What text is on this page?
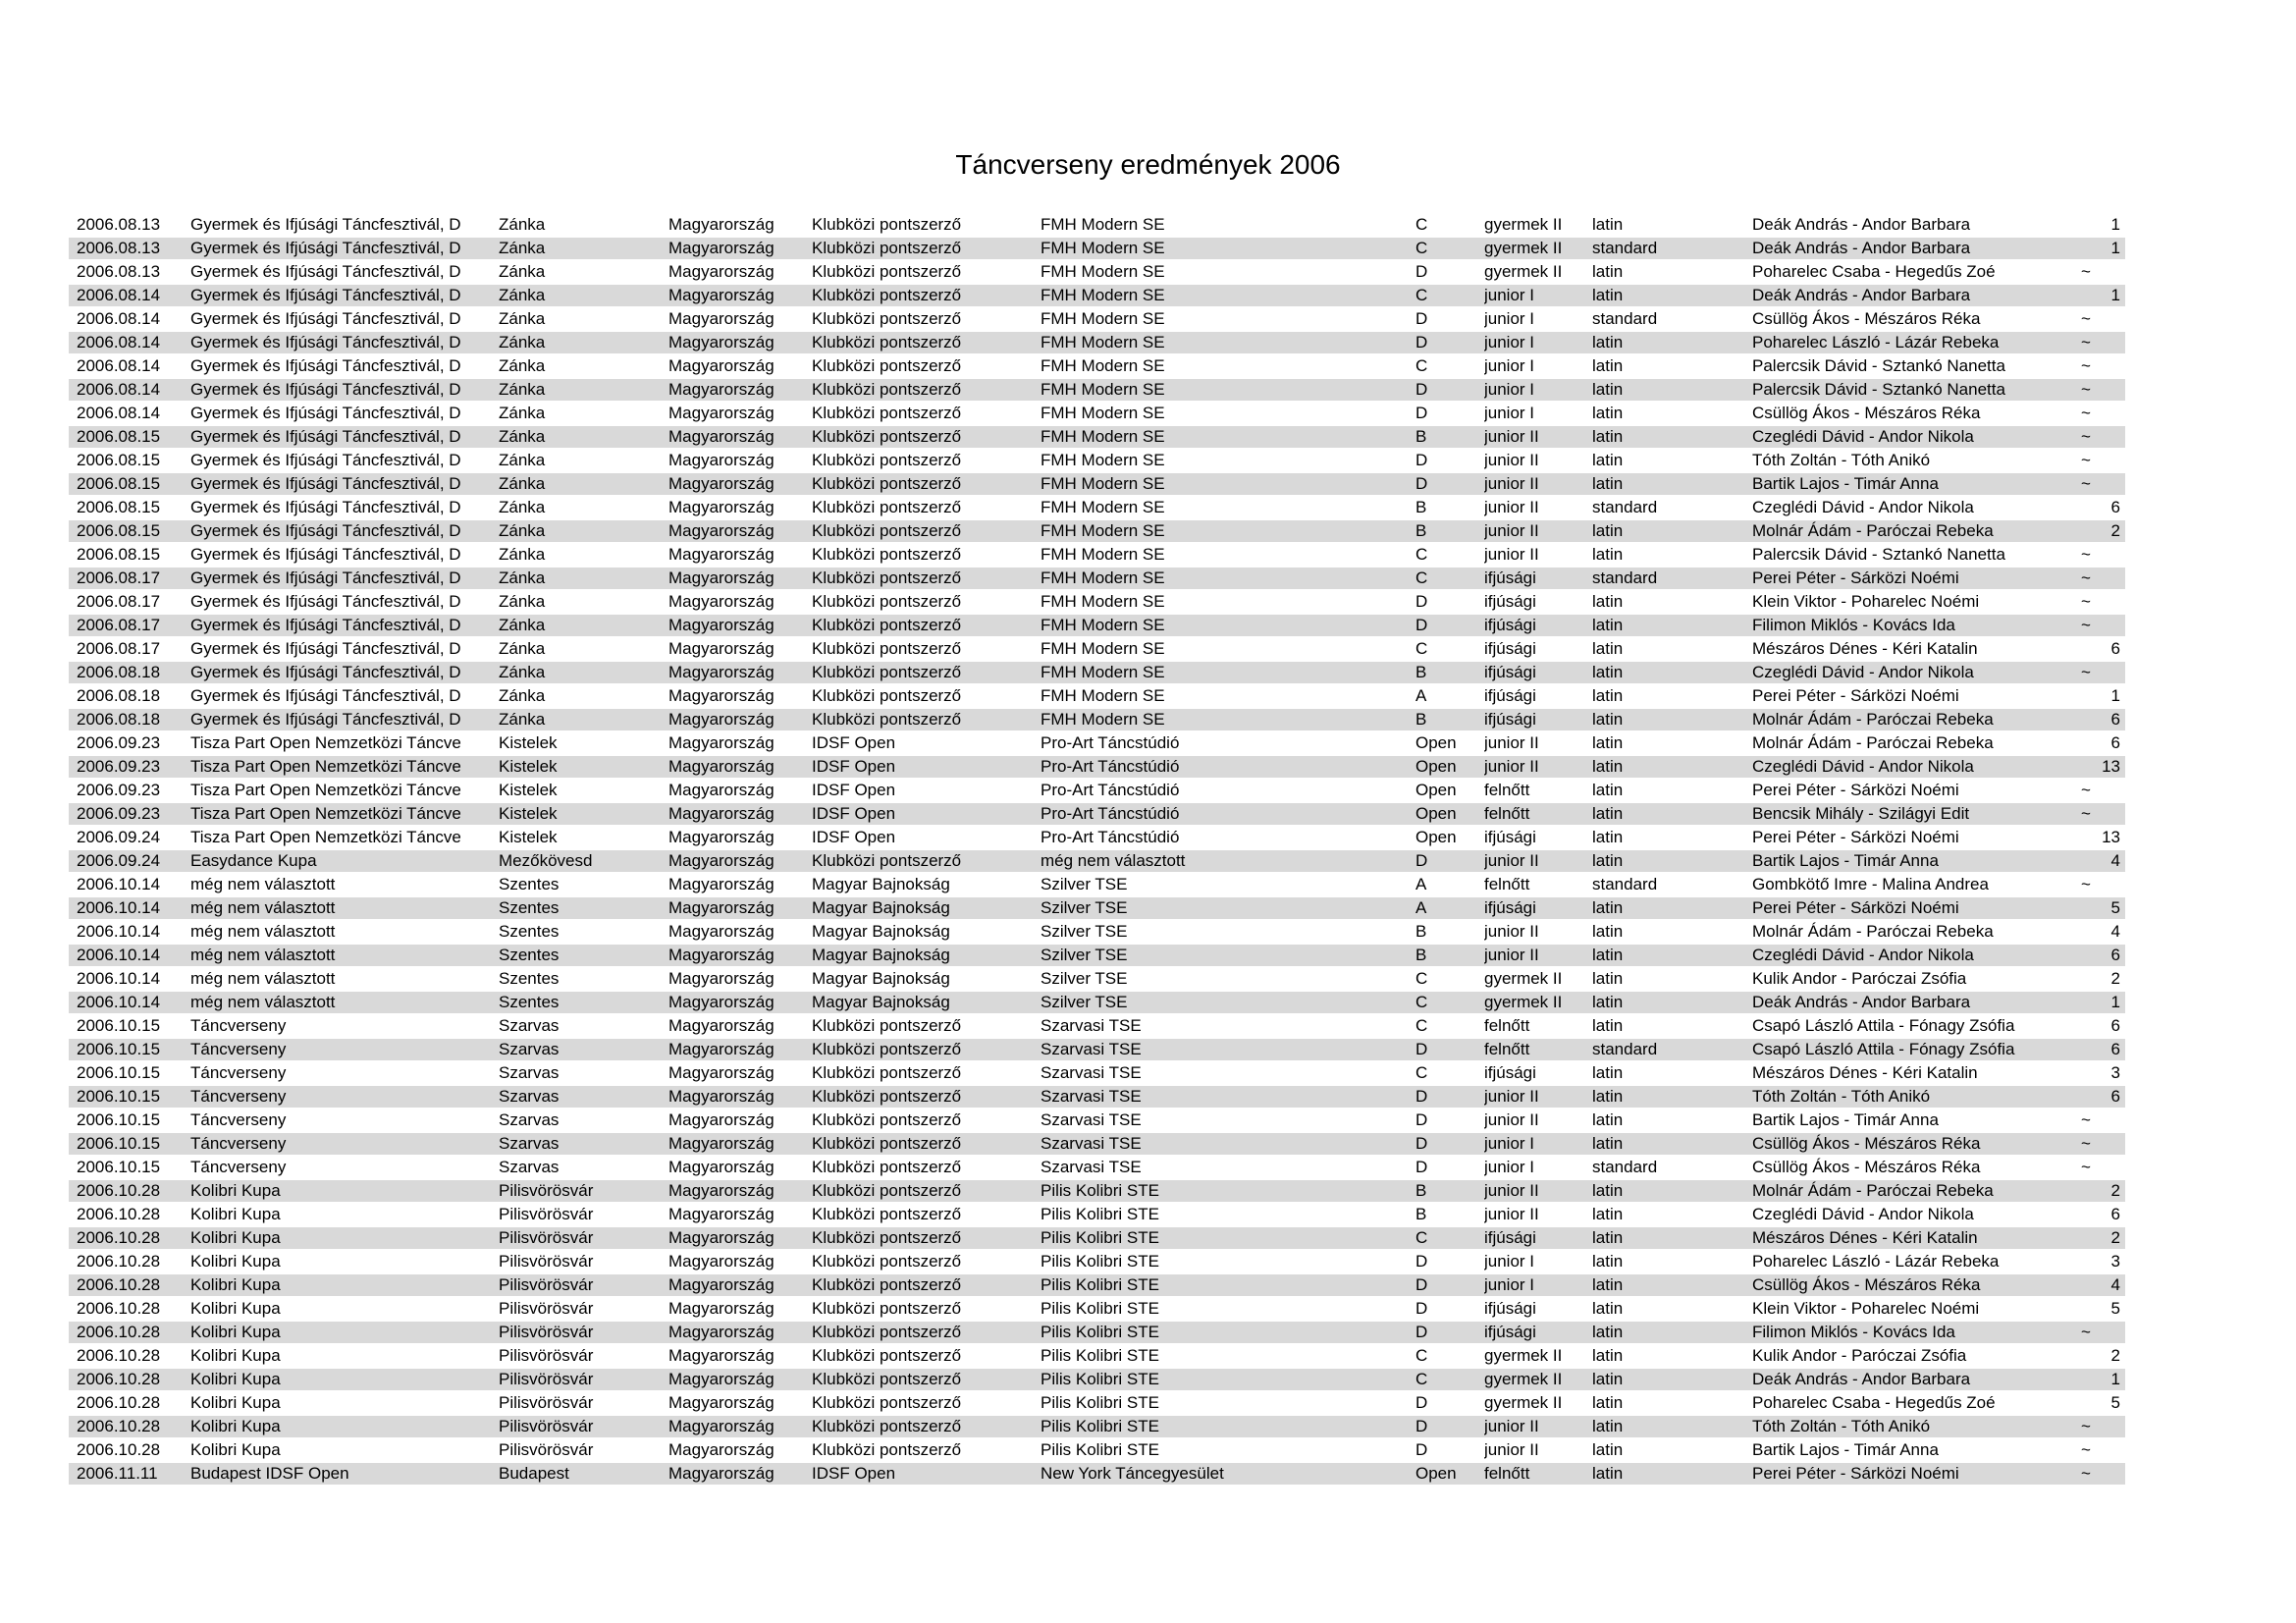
Táncverseny eredmények 2006
2006.08.13	Gyermek és Ifjúsági Táncfesztivál, D	Zánka	Magyarország	Klubközi pontszerző	FMH Modern SE	C	gyermek II	latin	Deák András - Andor Barbara	1
2006.08.13	Gyermek és Ifjúsági Táncfesztivál, D	Zánka	Magyarország	Klubközi pontszerző	FMH Modern SE	C	gyermek II	standard	Deák András - Andor Barbara	1
2006.08.13	Gyermek és Ifjúsági Táncfesztivál, D	Zánka	Magyarország	Klubközi pontszerző	FMH Modern SE	D	gyermek II	latin	Poharelec Csaba - Hegedűs Zoé	~
2006.08.14	Gyermek és Ifjúsági Táncfesztivál, D	Zánka	Magyarország	Klubközi pontszerző	FMH Modern SE	C	junior I	latin	Deák András - Andor Barbara	1
2006.08.14	Gyermek és Ifjúsági Táncfesztivál, D	Zánka	Magyarország	Klubközi pontszerző	FMH Modern SE	D	junior I	standard	Csüllög Ákos - Mészáros Réka	~
2006.08.14	Gyermek és Ifjúsági Táncfesztivál, D	Zánka	Magyarország	Klubközi pontszerző	FMH Modern SE	D	junior I	latin	Poharelec László - Lázár Rebeka	~
2006.08.14	Gyermek és Ifjúsági Táncfesztivál, D	Zánka	Magyarország	Klubközi pontszerző	FMH Modern SE	C	junior I	latin	Palercsik Dávid - Sztankó Nanetta	~
2006.08.14	Gyermek és Ifjúsági Táncfesztivál, D	Zánka	Magyarország	Klubközi pontszerző	FMH Modern SE	D	junior I	latin	Palercsik Dávid - Sztankó Nanetta	~
2006.08.14	Gyermek és Ifjúsági Táncfesztivál, D	Zánka	Magyarország	Klubközi pontszerző	FMH Modern SE	D	junior I	latin	Csüllög Ákos - Mészáros Réka	~
2006.08.15	Gyermek és Ifjúsági Táncfesztivál, D	Zánka	Magyarország	Klubközi pontszerző	FMH Modern SE	B	junior II	latin	Czeglédi Dávid - Andor Nikola	~
2006.08.15	Gyermek és Ifjúsági Táncfesztivál, D	Zánka	Magyarország	Klubközi pontszerző	FMH Modern SE	D	junior II	latin	Tóth Zoltán - Tóth Anikó	~
2006.08.15	Gyermek és Ifjúsági Táncfesztivál, D	Zánka	Magyarország	Klubközi pontszerző	FMH Modern SE	D	junior II	latin	Bartik Lajos - Timár Anna	~
2006.08.15	Gyermek és Ifjúsági Táncfesztivál, D	Zánka	Magyarország	Klubközi pontszerző	FMH Modern SE	B	junior II	standard	Czeglédi Dávid - Andor Nikola	6
2006.08.15	Gyermek és Ifjúsági Táncfesztivál, D	Zánka	Magyarország	Klubközi pontszerző	FMH Modern SE	B	junior II	latin	Molnár Ádám - Paróczai Rebeka	2
2006.08.15	Gyermek és Ifjúsági Táncfesztivál, D	Zánka	Magyarország	Klubközi pontszerző	FMH Modern SE	C	junior II	latin	Palercsik Dávid - Sztankó Nanetta	~
2006.08.17	Gyermek és Ifjúsági Táncfesztivál, D	Zánka	Magyarország	Klubközi pontszerző	FMH Modern SE	C	ifjúsági	standard	Perei Péter - Sárközi Noémi	~
2006.08.17	Gyermek és Ifjúsági Táncfesztivál, D	Zánka	Magyarország	Klubközi pontszerző	FMH Modern SE	D	ifjúsági	latin	Klein Viktor - Poharelec Noémi	~
2006.08.17	Gyermek és Ifjúsági Táncfesztivál, D	Zánka	Magyarország	Klubközi pontszerző	FMH Modern SE	D	ifjúsági	latin	Filimon Miklós - Kovács Ida	~
2006.08.17	Gyermek és Ifjúsági Táncfesztivál, D	Zánka	Magyarország	Klubközi pontszerző	FMH Modern SE	C	ifjúsági	latin	Mészáros Dénes - Kéri Katalin	6
2006.08.18	Gyermek és Ifjúsági Táncfesztivál, D	Zánka	Magyarország	Klubközi pontszerző	FMH Modern SE	B	ifjúsági	latin	Czeglédi Dávid - Andor Nikola	~
2006.08.18	Gyermek és Ifjúsági Táncfesztivál, D	Zánka	Magyarország	Klubközi pontszerző	FMH Modern SE	A	ifjúsági	latin	Perei Péter - Sárközi Noémi	1
2006.08.18	Gyermek és Ifjúsági Táncfesztivál, D	Zánka	Magyarország	Klubközi pontszerző	FMH Modern SE	B	ifjúsági	latin	Molnár Ádám - Paróczai Rebeka	6
2006.09.23	Tisza Part Open Nemzetközi Táncve	Kistelek	Magyarország	IDSF Open	Pro-Art Táncstúdió	Open	junior II	latin	Molnár Ádám - Paróczai Rebeka	6
2006.09.23	Tisza Part Open Nemzetközi Táncve	Kistelek	Magyarország	IDSF Open	Pro-Art Táncstúdió	Open	junior II	latin	Czeglédi Dávid - Andor Nikola	13
2006.09.23	Tisza Part Open Nemzetközi Táncve	Kistelek	Magyarország	IDSF Open	Pro-Art Táncstúdió	Open	felnőtt	latin	Perei Péter - Sárközi Noémi	~
2006.09.23	Tisza Part Open Nemzetközi Táncve	Kistelek	Magyarország	IDSF Open	Pro-Art Táncstúdió	Open	felnőtt	latin	Bencsik Mihály - Szilágyi Edit	~
2006.09.24	Tisza Part Open Nemzetközi Táncve	Kistelek	Magyarország	IDSF Open	Pro-Art Táncstúdió	Open	ifjúsági	latin	Perei Péter - Sárközi Noémi	13
2006.09.24	Easydance Kupa	Mezőkövesd	Magyarország	Klubközi pontszerző	még nem választott	D	junior II	latin	Bartik Lajos - Timár Anna	4
2006.10.14	még nem választott	Szentes	Magyarország	Magyar Bajnokság	Szilver TSE	A	felnőtt	standard	Gombkötő Imre - Malina Andrea	~
2006.10.14	még nem választott	Szentes	Magyarország	Magyar Bajnokság	Szilver TSE	A	ifjúsági	latin	Perei Péter - Sárközi Noémi	5
2006.10.14	még nem választott	Szentes	Magyarország	Magyar Bajnokság	Szilver TSE	B	junior II	latin	Molnár Ádám - Paróczai Rebeka	4
2006.10.14	még nem választott	Szentes	Magyarország	Magyar Bajnokság	Szilver TSE	B	junior II	latin	Czeglédi Dávid - Andor Nikola	6
2006.10.14	még nem választott	Szentes	Magyarország	Magyar Bajnokság	Szilver TSE	C	gyermek II	latin	Kulik Andor - Paróczai Zsófia	2
2006.10.14	még nem választott	Szentes	Magyarország	Magyar Bajnokság	Szilver TSE	C	gyermek II	latin	Deák András - Andor Barbara	1
2006.10.15	Táncverseny	Szarvas	Magyarország	Klubközi pontszerző	Szarvasi TSE	C	felnőtt	latin	Csapó László Attila - Fónagy Zsófia	6
2006.10.15	Táncverseny	Szarvas	Magyarország	Klubközi pontszerző	Szarvasi TSE	D	felnőtt	standard	Csapó László Attila - Fónagy Zsófia	6
2006.10.15	Táncverseny	Szarvas	Magyarország	Klubközi pontszerző	Szarvasi TSE	C	ifjúsági	latin	Mészáros Dénes - Kéri Katalin	3
2006.10.15	Táncverseny	Szarvas	Magyarország	Klubközi pontszerző	Szarvasi TSE	D	junior II	latin	Tóth Zoltán - Tóth Anikó	6
2006.10.15	Táncverseny	Szarvas	Magyarország	Klubközi pontszerző	Szarvasi TSE	D	junior II	latin	Bartik Lajos - Timár Anna	~
2006.10.15	Táncverseny	Szarvas	Magyarország	Klubközi pontszerző	Szarvasi TSE	D	junior I	latin	Csüllög Ákos - Mészáros Réka	~
2006.10.15	Táncverseny	Szarvas	Magyarország	Klubközi pontszerző	Szarvasi TSE	D	junior I	standard	Csüllög Ákos - Mészáros Réka	~
2006.10.28	Kolibri Kupa	Pilisvörösvár	Magyarország	Klubközi pontszerző	Pilis Kolibri STE	B	junior II	latin	Molnár Ádám - Paróczai Rebeka	2
2006.10.28	Kolibri Kupa	Pilisvörösvár	Magyarország	Klubközi pontszerző	Pilis Kolibri STE	B	junior II	latin	Czeglédi Dávid - Andor Nikola	6
2006.10.28	Kolibri Kupa	Pilisvörösvár	Magyarország	Klubközi pontszerző	Pilis Kolibri STE	C	ifjúsági	latin	Mészáros Dénes - Kéri Katalin	2
2006.10.28	Kolibri Kupa	Pilisvörösvár	Magyarország	Klubközi pontszerző	Pilis Kolibri STE	D	junior I	latin	Poharelec László - Lázár Rebeka	3
2006.10.28	Kolibri Kupa	Pilisvörösvár	Magyarország	Klubközi pontszerző	Pilis Kolibri STE	D	junior I	latin	Csüllög Ákos - Mészáros Réka	4
2006.10.28	Kolibri Kupa	Pilisvörösvár	Magyarország	Klubközi pontszerző	Pilis Kolibri STE	D	ifjúsági	latin	Klein Viktor - Poharelec Noémi	5
2006.10.28	Kolibri Kupa	Pilisvörösvár	Magyarország	Klubközi pontszerző	Pilis Kolibri STE	D	ifjúsági	latin	Filimon Miklós - Kovács Ida	~
2006.10.28	Kolibri Kupa	Pilisvörösvár	Magyarország	Klubközi pontszerző	Pilis Kolibri STE	C	gyermek II	latin	Kulik Andor - Paróczai Zsófia	2
2006.10.28	Kolibri Kupa	Pilisvörösvár	Magyarország	Klubközi pontszerző	Pilis Kolibri STE	C	gyermek II	latin	Deák András - Andor Barbara	1
2006.10.28	Kolibri Kupa	Pilisvörösvár	Magyarország	Klubközi pontszerző	Pilis Kolibri STE	D	gyermek II	latin	Poharelec Csaba - Hegedűs Zoé	5
2006.10.28	Kolibri Kupa	Pilisvörösvár	Magyarország	Klubközi pontszerző	Pilis Kolibri STE	D	junior II	latin	Tóth Zoltán - Tóth Anikó	~
2006.10.28	Kolibri Kupa	Pilisvörösvár	Magyarország	Klubközi pontszerző	Pilis Kolibri STE	D	junior II	latin	Bartik Lajos - Timár Anna	~
2006.11.11	Budapest IDSF Open	Budapest	Magyarország	IDSF Open	New York Táncegyesület	Open	felnőtt	latin	Perei Péter - Sárközi Noémi	~
